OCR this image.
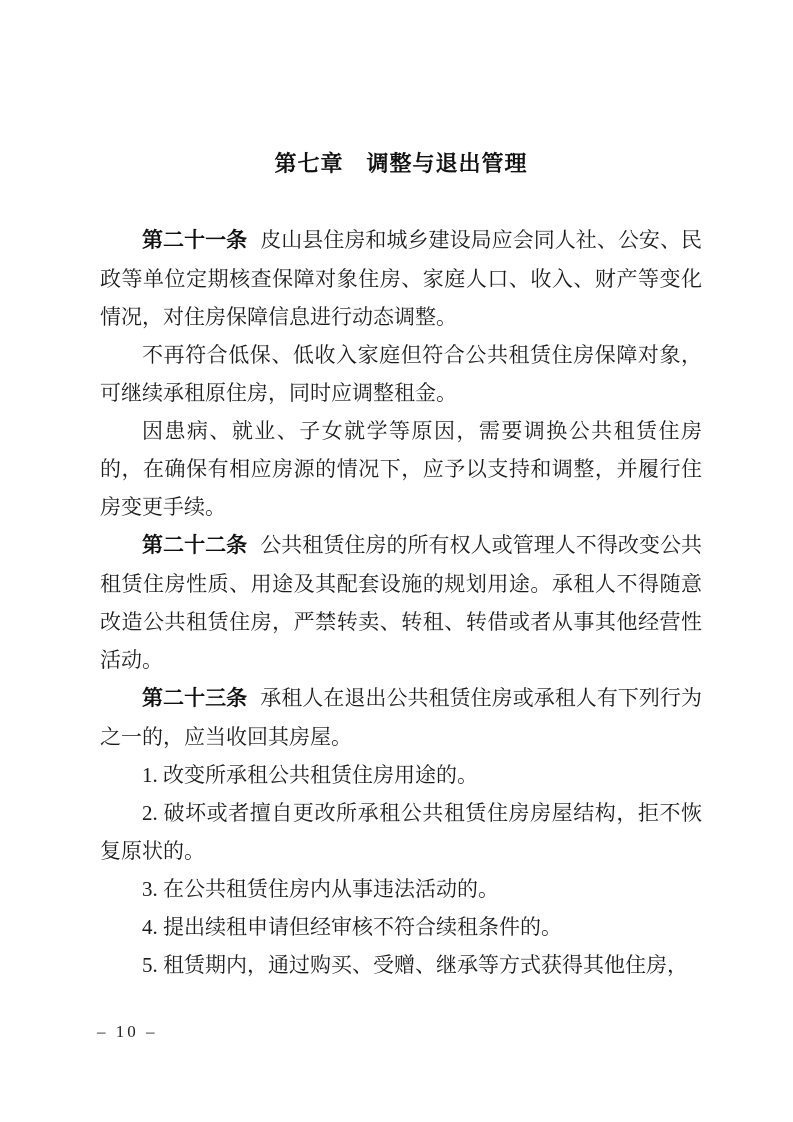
第七章　调整与退出管理

第二十一条 皮山县住房和城乡建设局应会同人社、公安、民政等单位定期核查保障对象住房、家庭人口、收入、财产等变化情况，对住房保障信息进行动态调整。

不再符合低保、低收入家庭但符合公共租赁住房保障对象，可继续承租原住房，同时应调整租金。

因患病、就业、子女就学等原因，需要调换公共租赁住房的，在确保有相应房源的情况下，应予以支持和调整，并履行住房变更手续。

第二十二条 公共租赁住房的所有权人或管理人不得改变公共租赁住房性质、用途及其配套设施的规划用途。承租人不得随意改造公共租赁住房，严禁转卖、转租、转借或者从事其他经营性活动。

第二十三条 承租人在退出公共租赁住房或承租人有下列行为之一的，应当收回其房屋。

1. 改变所承租公共租赁住房用途的。

2. 破坏或者擅自更改所承租公共租赁住房房屋结构，拒不恢复原状的。

3. 在公共租赁住房内从事违法活动的。

4. 提出续租申请但经审核不符合续租条件的。

5. 租赁期内，通过购买、受赠、继承等方式获得其他住房，

– 10 –
